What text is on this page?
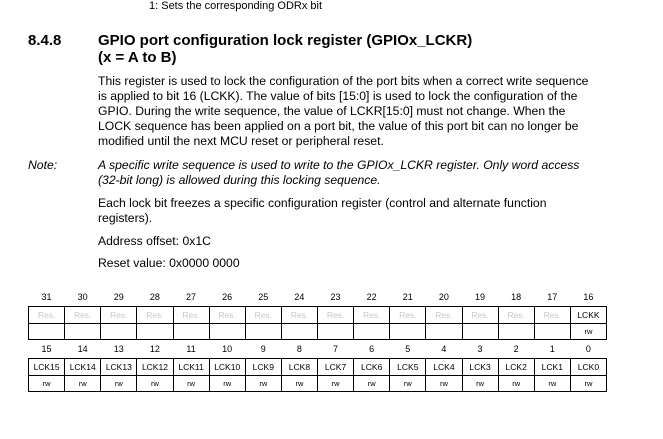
1: Sets the corresponding ODRx bit
8.4.8 GPIO port configuration lock register (GPIOx_LCKR)
(x = A to B)
This register is used to lock the configuration of the port bits when a correct write sequence
is applied to bit 16 (LCKK). The value of bits [15:0] is used to lock the configuration of the
GPIO. During the write sequence, the value of LCKR[15:0] must not change. When the
LOCK sequence has been applied on a port bit, the value of this port bit can no longer be
modified until the next MCU reset or peripheral reset.
Note:	A specific write sequence is used to write to the GPIOx_LCKR register. Only word access
(32-bit long) is allowed during this locking sequence.
Each lock bit freezes a specific configuration register (control and alternate function
registers).
Address offset: 0x1C
Reset value: 0x0000 0000
31	30	29	28	27	26	25	24	23	22	21	20	19	18	17	16
Res.	Res.	Res.	Res.	Res.	Res.	Res.	Res.	Res.	Res.	Res.	Res.	Res.	Res.	Res.	LCKK
															rw
15	14	13	12	11	10	9	8	7	6	5	4	3	2	1	0
LCK15	LCK14	LCK13	LCK12	LCK11	LCK10	LCK9	LCK8	LCK7	LCK6	LCK5	LCK4	LCK3	LCK2	LCK1	LCK0
rw	rw	rw	rw	rw	rw	rw	rw	rw	rw	rw	rw	rw	rw	rw	rw
